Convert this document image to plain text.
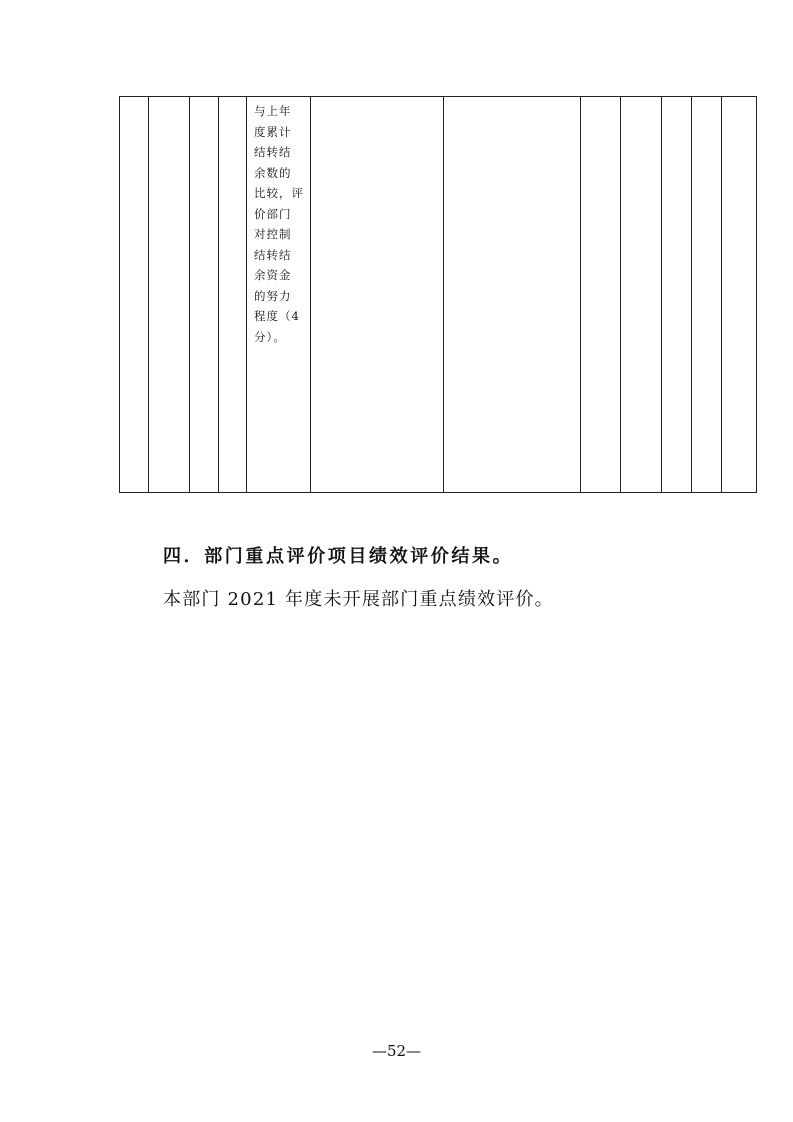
与上年
度累计
结转结
余数的
比较，评
价部门
对控制
结转结
余资金
的努力
程度（4
分）。
四．部门重点评价项目绩效评价结果。
本部门 2021 年度未开展部门重点绩效评价。
—52—
